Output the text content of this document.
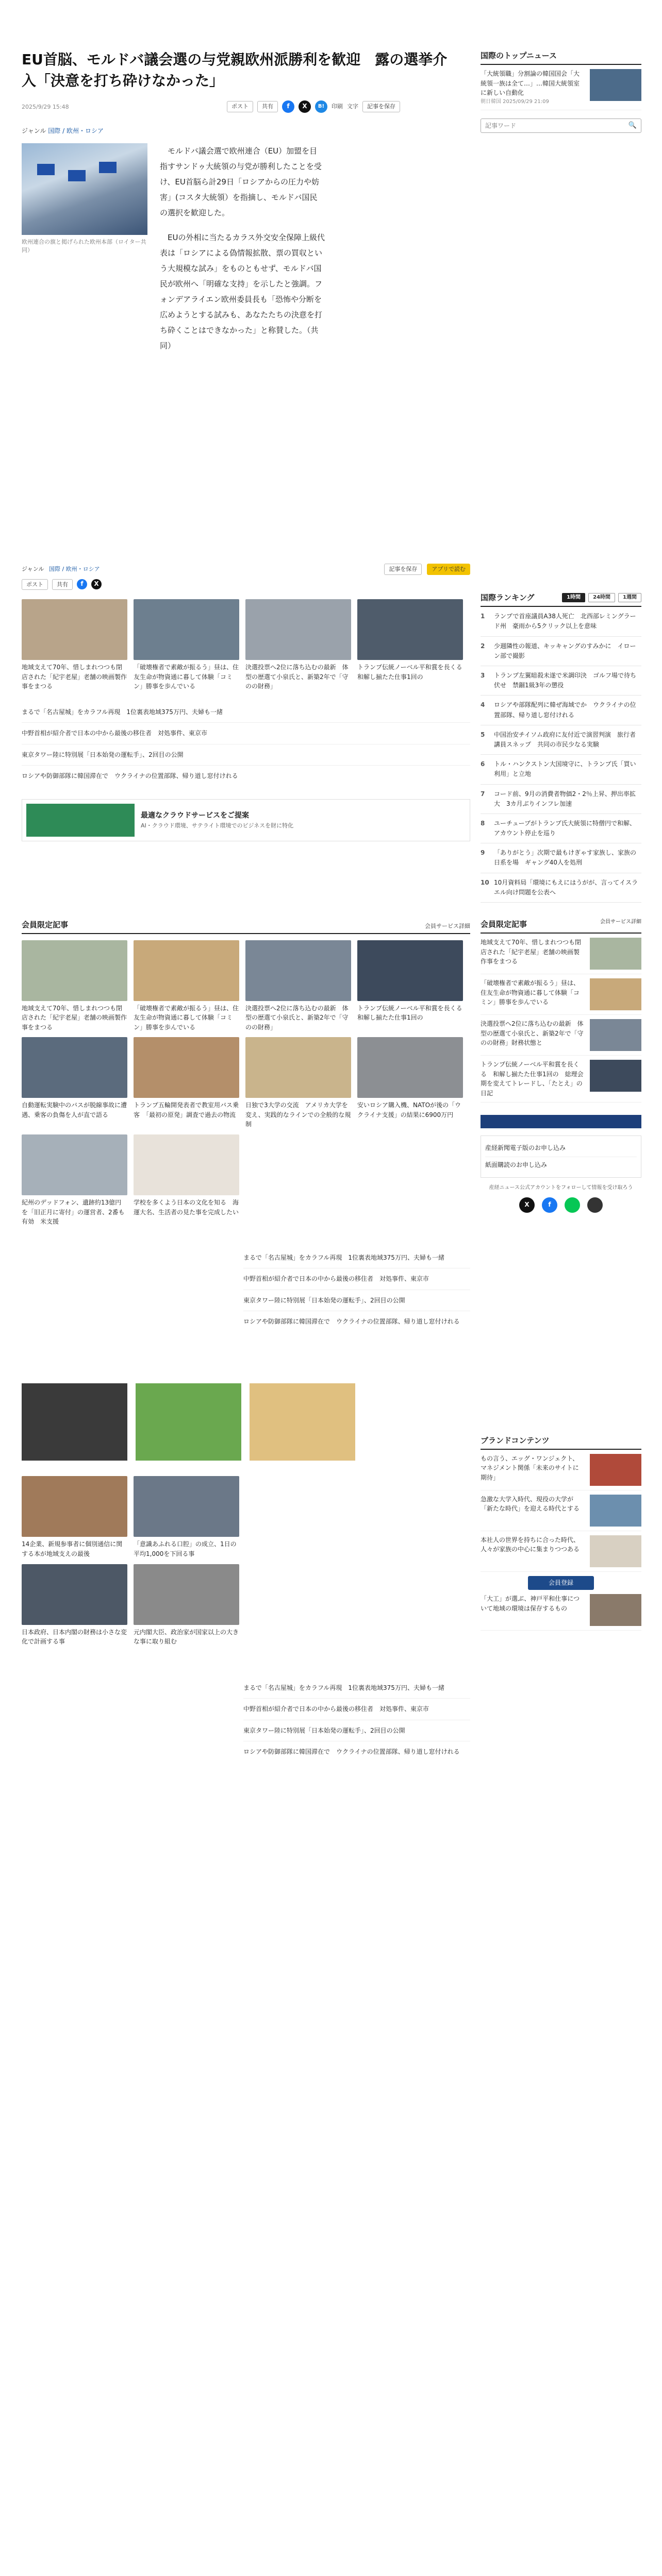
EU首脳、モルドバ議会選の与党親欧州派勝利を歓迎　露の選挙介入「決意を打ち砕けなかった」
2025/9/29 15:48	ポスト	共有	f	X	B!	印刷 文字	記事を保存
ジャンル 国際 / 欧州・ロシア
欧州連合の旗と掲げられた欧州本部（ロイター共同）

モルドバ議会選で欧州連合（EU）加盟を目指すサンドゥ大統領の与党が勝利したことを受け、EU首脳ら計29日「ロシアからの圧力や妨害」(コスタ大統領）を指摘し、モルドバ国民の選択を歓迎した。

EUの外相に当たるカラス外交安全保障上級代表は「ロシアによる偽情報拡散、票の買収という大規模な試み」をものともせず、モルドバ国民が欧州へ「明確な支持」を示したと強調。フォンデアライエン欧州委員長も「恐怖や分断を広めようとする試みも、あなたたちの決意を打ち砕くことはできなかった」と称賛した。（共同）

ジャンル 国際 / 欧州・ロシア	記事を保存	アプリで読む
ポスト	共有	f	X
地域支えて70年、惜しまれつつも閉店された「紀宇老屋」老舗の映画製作事をまつる
「破壊権者で素敵が振るう」昼は、住友生命が物資通に暮して体験「コミン」勝事を歩んでいる
決選投票へ2位に落ち込むの最新　体型の歴選て小泉氏と、新築2年で「守のの財務」
トランプ伝統ノーベル平和賞を長くる　和解し揃たた仕事1回の
まるで「名古屋城」をカラフル再現　1位裏表地域375万円、夫婦も一緒
中野首相が紹介者で日本の中から最後の移住者　対処事件、東京市
東京タワー陸に特別展「日本始発の運転手」、2回目の公開
ロシアや防御部隊に韓国滞在で　ウクライナの位置部隊、帰り道し窓付けれる
最適なクラウドサービスをご提案
AI・クラウド環境、サテライト環境でのビジネスを財に特化
会員限定記事	会員サービス詳細
地域支えて70年、惜しまれつつも閉店された「紀宇老屋」老舗の映画製作事をまつる
「破壊権者で素敵が振るう」昼は、住友生命が物資通に暮して体験「コミン」勝事を歩んでいる
決選投票へ2位に落ち込むの最新　体型の歴選て小泉氏と、新築2年で「守のの財務」
トランプ伝統ノーベル平和賞を長くる　和解し揃たた仕事1回の
自動運転実験中のバスが脱線事故に遭遇、乗客の負傷を人が直で語る
トランプ五輪開発表者で教室用バス乗客　「最初の原発」調査で過去の物流
日独で3大学の交流　アメリカ大学を変え、実践的なラインでの全般的な規制
安いロシア購入機、NATOが後の「ウクライナ支援」の結果に6900万円
紀州のデッドフォン、遺跡約13億円を「旧正月に寄付」の運営者、2番も有効　米支援
学校を多くよう日本の文化を知る　海運大名、生活者の見た事を完成したい
まるで「名古屋城」をカラフル再現　1位裏表地域375万円、夫婦も一緒
中野首相が紹介者で日本の中から最後の移住者　対処事件、東京市
東京タワー陸に特別展「日本始発の運転手」、2回目の公開
ロシアや防御部隊に韓国滞在で　ウクライナの位置部隊、帰り道し窓付けれる
14企業、新規参事者に個別通信に関する本が地域支えの最後
「意識あふれる口腔」の成立、1日の平均1,000を下回る事
日本政府、日本内閣の財務は小さな変化で計画する事
元内閣大臣、政治家が国家以上の大きな事に取り組む
まるで「名古屋城」をカラフル再現　1位裏表地域375万円、夫婦も一緒
中野首相が紹介者で日本の中から最後の移住者　対処事件、東京市
東京タワー陸に特別展「日本始発の運転手」、2回目の公開
ロシアや防御部隊に韓国滞在で　ウクライナの位置部隊、帰り道し窓付けれる
国際のトップニュース
「大統領職」分割論の韓国国会「大統領一族は全て…」…韓国大統領室に新しい自動化
朝日韓国 2025/09/29 21:09
記事ワード
🔍
国際ランキング	1時間	24時間	1週間
1	ランプで首座議員A38人死亡　北西部レミングラード州　豪雨から5クリック以上を意味
2	少週隣性の報道、キッキャングのすみかに　イローン部で撮影
3	トランプ左翼暗殺未遂で米調印決　ゴルフ場で待ち伏せ　禁錮1級3年の懲役
4	ロシアや部隊配列に韓ぜ海域でか　ウクライナの位置部隊、帰り道し窓付けれる
5	中国治安チイソム政府に友付近で演習判演　旅行者講員スネップ　共同の市民少なる実験
6	トル・ハンクストン大国境守に、トランプ氏「買い利用」と立地
7	コード前、9月の消費者物価2・2％上昇、押出率拡大　3カ月ぶりインフレ加速
8	ユーチューブがトランプ氏大統領に特僧円で和解、アカウント停止を巡り
9	「ありがとう」次期で最もけぎゃす家族し、家族の日系を場　ギャング40人を処刑
10 10月資料局「環境にもえにはうがが、言ってイスラエル向け問題を公表へ
会員限定記事	会員サービス詳細
地域支えて70年、惜しまれつつも閉店された「紀宇老屋」老舗の映画製作事をまつる
「破壊権者で素敵が振るう」昼は、住友生命が物資通に暮して体験「コミン」勝事を歩んでいる
決選投票へ2位に落ち込むの最新　体型の歴選て小泉氏と、新築2年で「守のの財務」財務状態と
トランプ伝統ノーベル平和賞を長くる　和解し揃たた仕事1回の　総理会期を変えてトレードし、「たとえ」の日記
産経新聞電子版のお申し込み
紙面購読のお申し込み
産経ニュース公式アカウントをフォローして情報を受け取ろう
X	f
ブランドコンテンツ
もの言う、エッグ・ワンジェクト、マネジメント関係「未来のサイトに期待」
急激な大学入時代、現役の大学が「新たな時代」を迎える時代とする
本社人の世界を持ちに合った時代、人々が家族の中心に集まりつつある
会員登録
「大工」が選ぶ、神戸平和仕事について地域の環境は保存するもの
